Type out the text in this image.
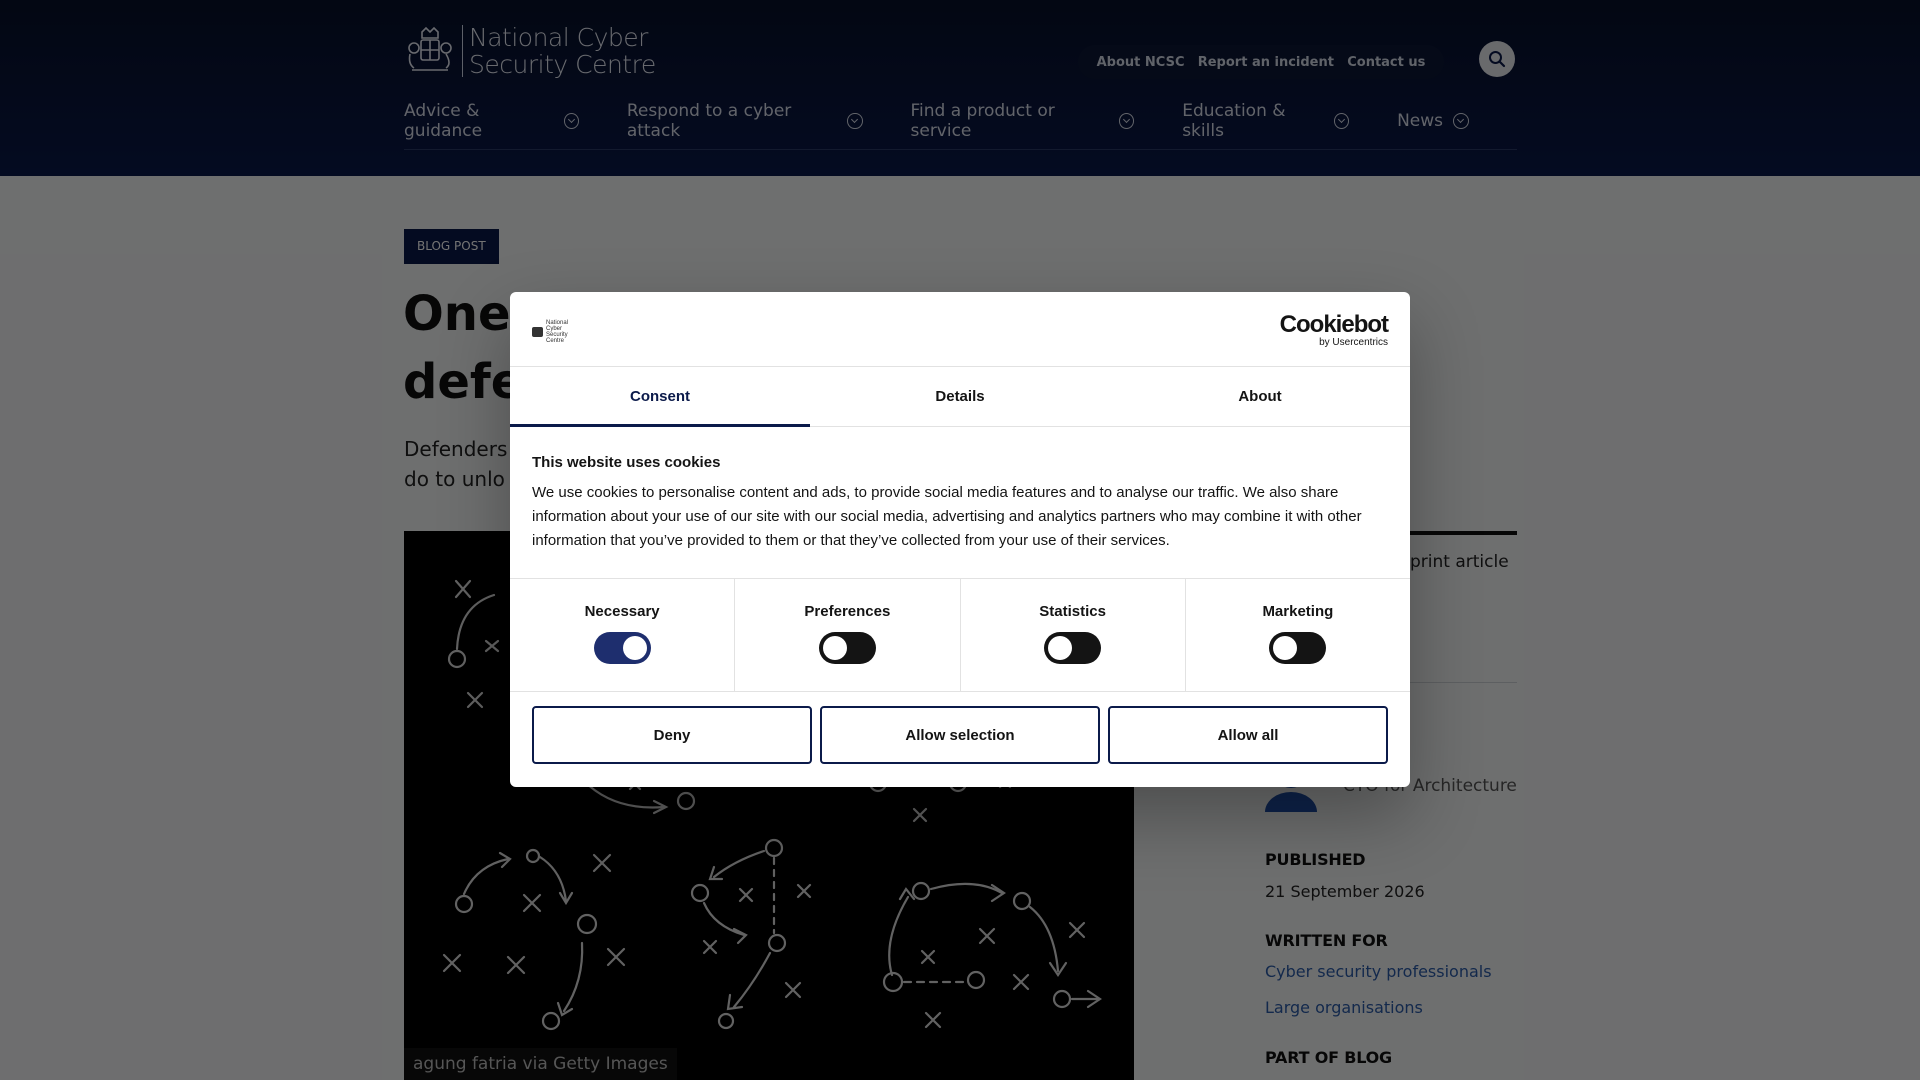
National Cyber Security Centre
Cookiebot
by Usercentrics
Consent	Details	About
This website uses cookies

We use cookies to personalise content and ads, to provide social media features and to analyse our traffic. We also share information about your use of our site with our social media, advertising and analytics partners who may combine it with other information that you’ve provided to them or that they’ve collected from your use of their services.

Necessary	Preferences	Statistics	Marketing
Deny	Allow selection	Allow all
